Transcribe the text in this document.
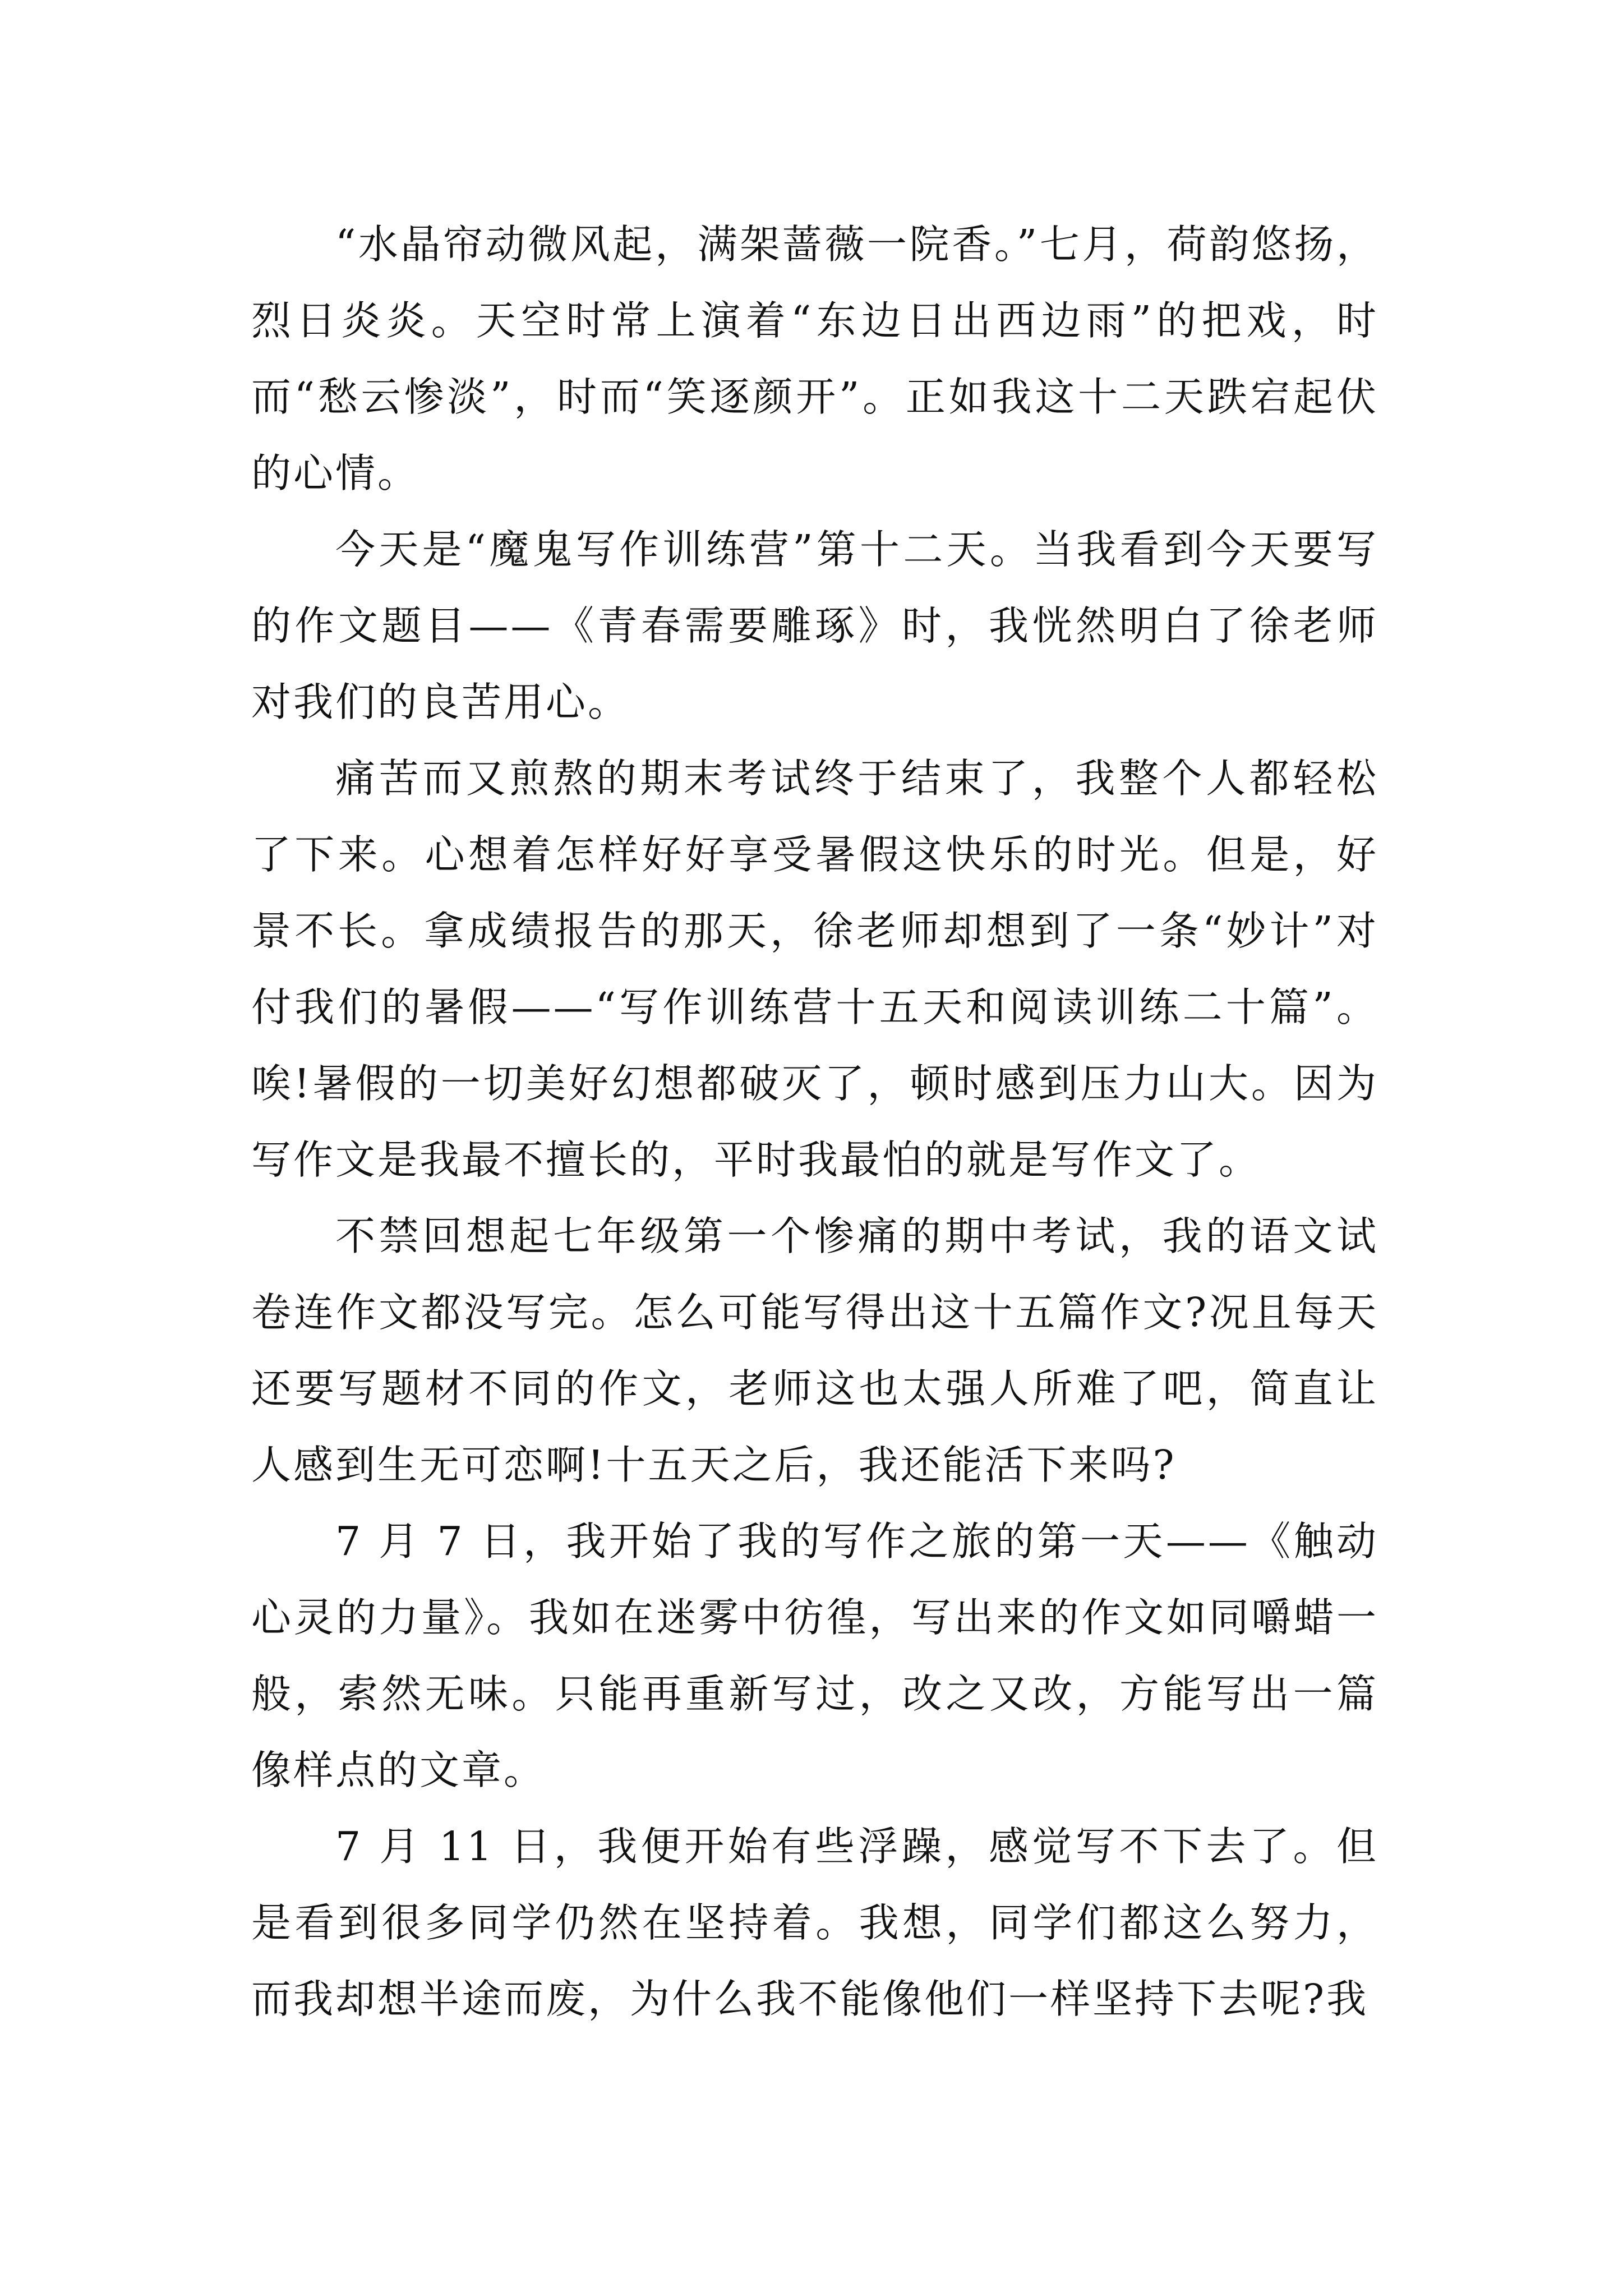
“水晶帘动微风起，满架蔷薇一院香。”七月，荷韵悠扬，烈日炎炎。天空时常上演着“东边日出西边雨”的把戏，时而“愁云惨淡”，时而“笑逐颜开”。正如我这十二天跌宕起伏的心情。

今天是“魔鬼写作训练营”第十二天。当我看到今天要写的作文题目——《青春需要雕琢》时，我恍然明白了徐老师对我们的良苦用心。

痛苦而又煎熬的期末考试终于结束了，我整个人都轻松了下来。心想着怎样好好享受暑假这快乐的时光。但是，好景不长。拿成绩报告的那天，徐老师却想到了一条“妙计”对付我们的暑假——“写作训练营十五天和阅读训练二十篇”。唉!暑假的一切美好幻想都破灭了，顿时感到压力山大。因为写作文是我最不擅长的，平时我最怕的就是写作文了。

不禁回想起七年级第一个惨痛的期中考试，我的语文试卷连作文都没写完。怎么可能写得出这十五篇作文?况且每天还要写题材不同的作文，老师这也太强人所难了吧，简直让人感到生无可恋啊!十五天之后，我还能活下来吗?

7 月 7 日，我开始了我的写作之旅的第一天——《触动心灵的力量》。我如在迷雾中彷徨，写出来的作文如同嚼蜡一般，索然无味。只能再重新写过，改之又改，方能写出一篇像样点的文章。

7 月 11 日，我便开始有些浮躁，感觉写不下去了。但是看到很多同学仍然在坚持着。我想，同学们都这么努力，而我却想半途而废，为什么我不能像他们一样坚持下去呢?我
